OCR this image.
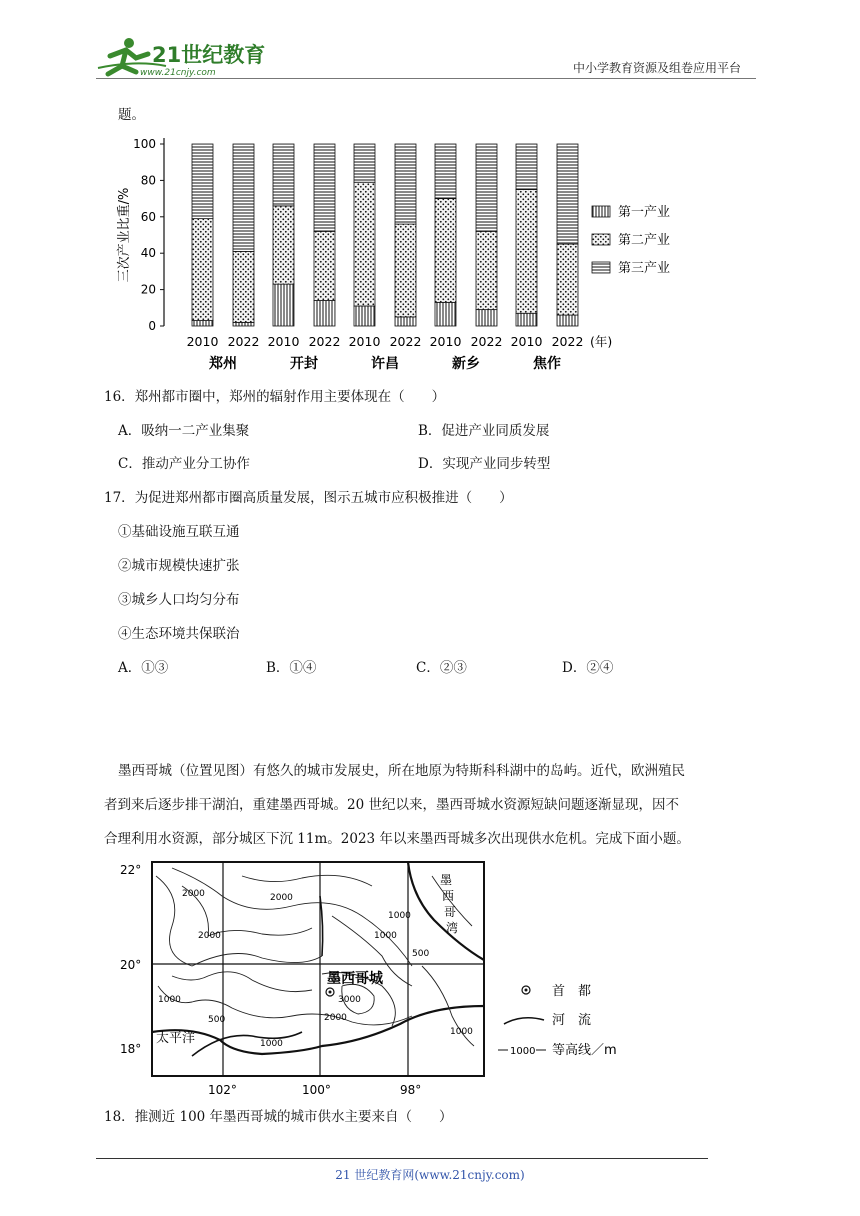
21世纪教育
www.21cnjy.com	中小学教育资源及组卷应用平台
题。
三次产业比重/%
0
20
40
60
80
100
2010 2022 2010 2022 2010 2022 2010 2022 2010 2022
郑州	开封	许昌	新乡	焦作
(年)
第一产业
第二产业
第三产业
16．郑州都市圈中，郑州的辐射作用主要体现在（　　）
A．吸纳一二产业集聚	B．促进产业同质发展
C．推动产业分工协作	D．实现产业同步转型
17．为促进郑州都市圈高质量发展，图示五城市应积极推进（　　）
①基础设施互联互通
②城市规模快速扩张
③城乡人口均匀分布
④生态环境共保联治
A．①③	B．①④	C．②③	D．②④
墨西哥城（位置见图）有悠久的城市发展史，所在地原为特斯科科湖中的岛屿。近代，欧洲殖民
者到来后逐步排干湖泊，重建墨西哥城。20 世纪以来，墨西哥城水资源短缺问题逐渐显现，因不
合理利用水资源，部分城区下沉 11m。2023 年以来墨西哥城多次出现供水危机。完成下面小题。
22°
20°
18°
102°	100°	98°
墨西哥城
太平洋
墨
西
哥
湾
2000	2000
1000
2000
1000
500
3000
2000
1000
1000
500
1000
首　都
河　流
1000 等高线／m
18．推测近 100 年墨西哥城的城市供水主要来自（　　）
21 世纪教育网(www.21cnjy.com)
